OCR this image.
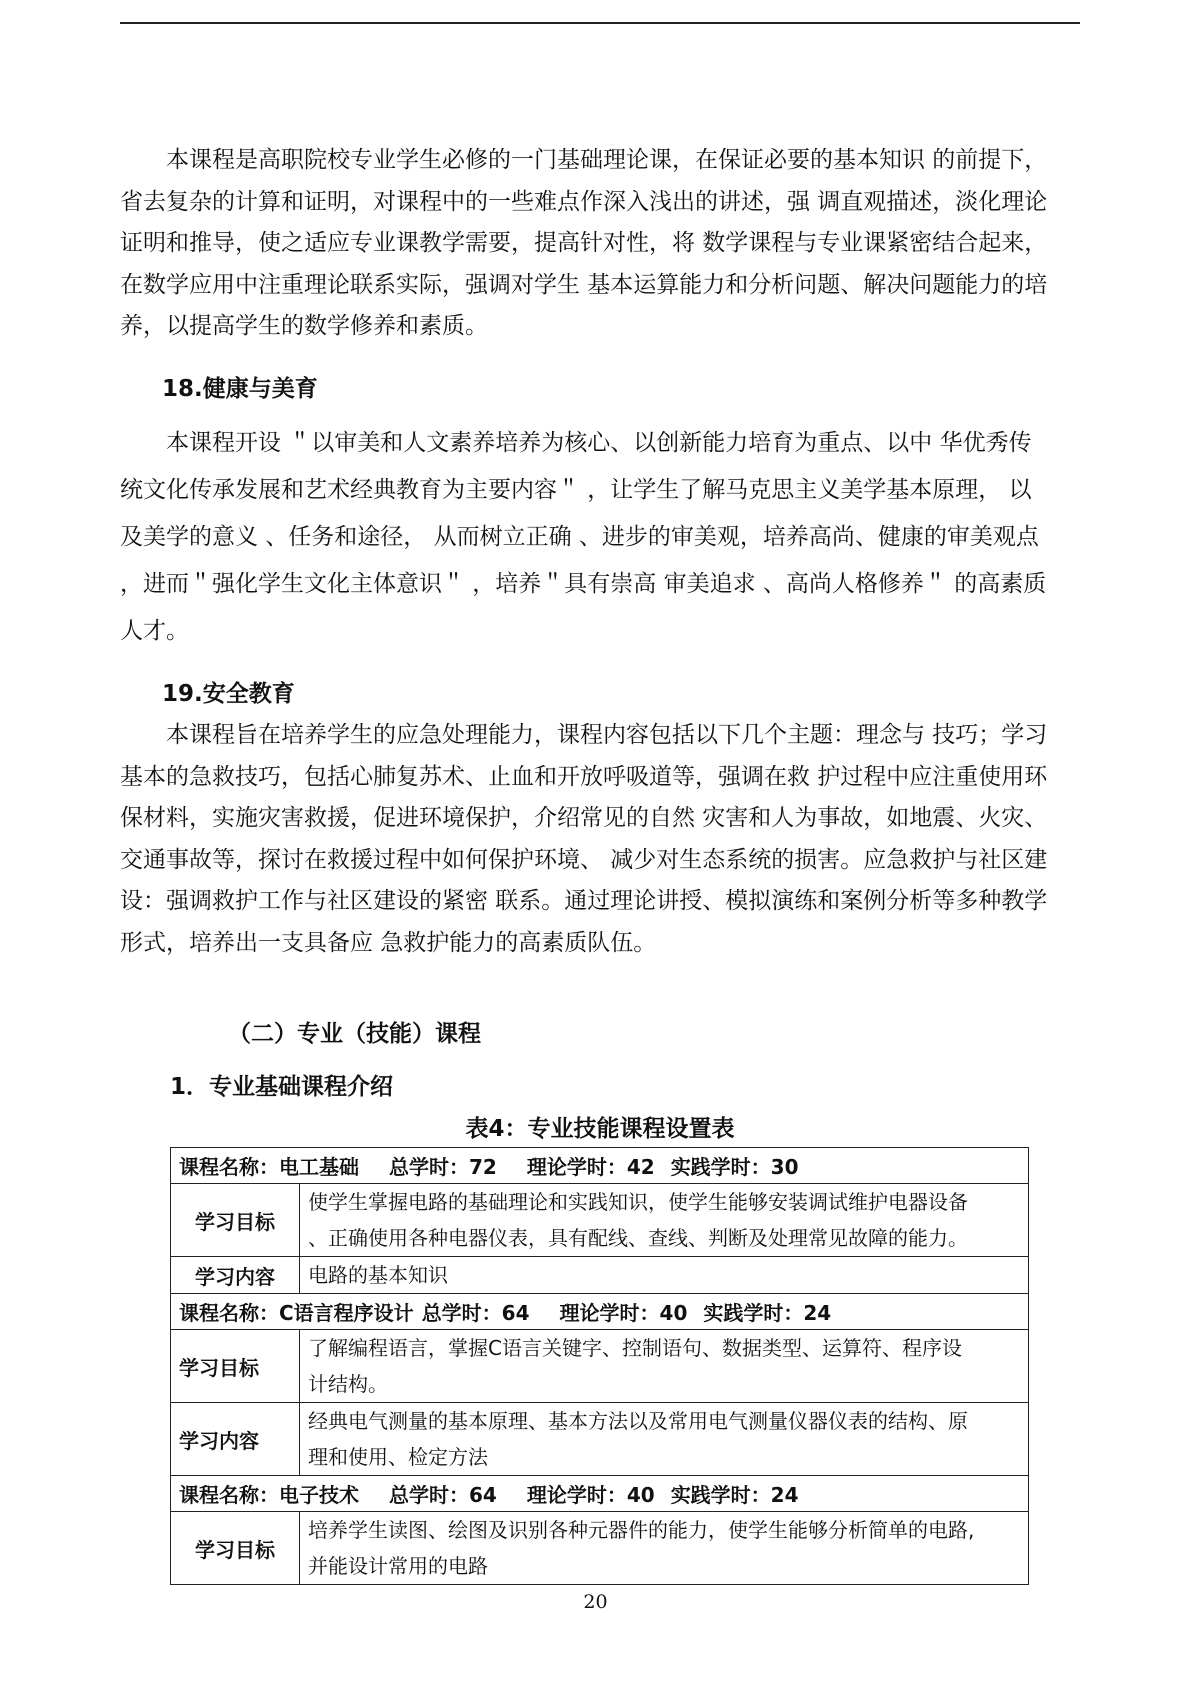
　　本课程是高职院校专业学生必修的一门基础理论课，在保证必要的基本知识 的前提下，
省去复杂的计算和证明，对课程中的一些难点作深入浅出的讲述，强 调直观描述，淡化理论
证明和推导，使之适应专业课教学需要，提高针对性，将 数学课程与专业课紧密结合起来，
在数学应用中注重理论联系实际，强调对学生 基本运算能力和分析问题、解决问题能力的培
养，以提高学生的数学修养和素质。
18.健康与美育
　　本课程开设 ＂以审美和人文素养培养为核心、以创新能力培育为重点、以中 华优秀传
统文化传承发展和艺术经典教育为主要内容＂ ，让学生了解马克思主义美学基本原理， 以
及美学的意义 、任务和途径， 从而树立正确 、进步的审美观，培养高尚、健康的审美观点
，进而＂强化学生文化主体意识＂ ，培养＂具有崇高 审美追求 、高尚人格修养＂ 的高素质
人才。
19.安全教育
　　本课程旨在培养学生的应急处理能力，课程内容包括以下几个主题：理念与 技巧；学习
基本的急救技巧，包括心肺复苏术、止血和开放呼吸道等，强调在救 护过程中应注重使用环
保材料，实施灾害救援，促进环境保护，介绍常见的自然 灾害和人为事故，如地震、火灾、
交通事故等，探讨在救援过程中如何保护环境、 减少对生态系统的损害。应急救护与社区建
设：强调救护工作与社区建设的紧密 联系。通过理论讲授、模拟演练和案例分析等多种教学
形式，培养出一支具备应 急救护能力的高素质队伍。
（二）专业（技能）课程
1．专业基础课程介绍
表4：专业技能课程设置表
课程名称：电工基础 总学时：72 理论学时：42 实践学时：30	
学习目标	使学生掌握电路的基础理论和实践知识，使学生能够安装调试维护电器设备
、正确使用各种电器仪表，具有配线、查线、判断及处理常见故障的能力。

学习内容	电路的基本知识
课程名称：C语言程序设计 总学时：64 理论学时：40 实践学时：24	
学习目标	了解编程语言，掌握C语言关键字、控制语句、数据类型、运算符、程序设
计结构。

学习内容	经典电气测量的基本原理、基本方法以及常用电气测量仪器仪表的结构、原
理和使用、检定方法

课程名称：电子技术 总学时：64 理论学时：40 实践学时：24	
学习目标	培养学生读图、绘图及识别各种元器件的能力，使学生能够分析简单的电路,
并能设计常用的电路
20
